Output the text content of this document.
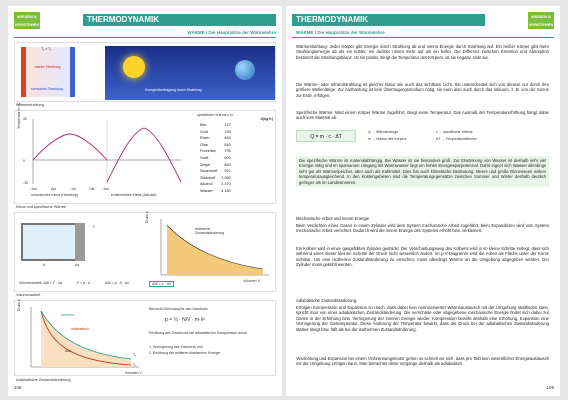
WISSEN & VERSTEHEN
THERMODYNAMIK
WÄRME / Die Hauptsätze der Wärmelehre
T₁ > T₂
starke Strahlung
schwache Strahlung	Energieübertragung durch Strahlung
Wärmestrahlung
Temperatur in °C 30
0
-30
Jan	Apr	Jul	Okt Jan
ozeanisches Klima (Hamburg)	kontinentales Klima (Jakutsk)
spezifische Wärme c in
J/(kg·K)
Blei	127
Gold	130
Eisen	460
Glas	840
Porzellan	795
Graft	800
Ziegel	840
Sauerstoff	910
Stickstoff	1 050
Alkohol	2 370
Wasser	4 180
Klima und spezifische Wärme
F
Δs
A
Druck p
Volumen V
isotherme Zustandsänderung
Volumenarbeit: ΔW = F · Δs	F = p · A	ΔW = p · A · Δs	ΔW = p · ΔV
Volumenarbeit
Druck p
Volumen V
isotherm
adiabatisch
T₁
T₂
ΔW
Bernoulli-Gleichung für den Gasdruck:
p = ⅓ · N/V · m·v̄²
Erhöhung des Gasdrucks bei adiabatischer Kompression durch
1. Verringerung des Volumens und
2. Erhöhung der mittleren kinetischen Energie.
Adiabatische Zustandsänderung
108
THERMODYNAMIK	WISSEN & VERSTEHEN
WÄRME / Die Hauptsätze der Wärmelehre
Wärmestrahlung: Jeder Körper gibt Energie durch Strahlung ab und nimmt Energie durch Strahlung auf. Ein heißer Körper gibt mehr Strahlungsenergie ab als ein kühler, ein dunkler nimmt mehr auf als ein heller. Die Differenz zwischen Emission und Absorption bestimmt die Strahlungsbilanz. Ist sie positiv, steigt die Temperatur des Körpers, ist sie negativ, sinkt sie.
Die Wärme- oder Infrarotstrahlung ist gleicher Natur wie auch das sichtbare Licht. Sie unterscheidet sich von diesem nur durch ihre größere Wellenlänge. Zur Ausbreitung ist kein Übertragungsmedium nötig, sie kann also auch durch das Vakuum, z. B. von der Sonne zur Erde, erfolgen.
Spezifische Wärme: Wird einem Körper Wärme zugeführt, steigt seine Temperatur. Das Ausmaß der Temperaturerhöhung hängt dabei auch vom Material ab.
Q = m · c · ΔT
Q … Wärmemenge	c … spezifische Wärme
m … Masse des Körpers	ΔT … Temperaturdifferenz
Die spezifische Wärme ist materialabhängig. Bei Wasser ist sie besonders groß. Zur Erwärmung von Wasser ist deshalb sehr viel Energie nötig und im sparsamen Umgang mit Warmwasser liegt ein hohes Energiesparpotenzial. Dafür eignet sich Wasser allerdings sehr gut als Wärmespeicher, aber auch als Kühlmittel. Dies hat auch klimatische Bedeutung. Meere und große Binnenseen wirken temperaturausgleichend. In den Küstengebieten sind die Temperaturgegensätze zwischen Sommer und Winter deshalb deutlich geringer als im Landesinneren.
Mechanische Arbeit und innere Energie
Beim Verdichten eines Gases in einem Zylinder wird dem System mechanische Arbeit zugeführt, beim Expandieren wird vom System mechanische Arbeit verrichtet. Dadurch wird die innere Energie des Systems erhöht bzw. verkleinert.
Ein Kolben wird in einen gasgefüllten Zylinder gedrückt. Der Verschiebungsweg des Kolbens wird in so kleine Schritte zerlegt, dass sich während eines dieser kleinen Schritte der Druck nicht wesentlich ändert. Im p-V-Diagramm wird die Arbeit als Fläche unter der Kurve sichtbar. Um eine isotherme Zustandsänderung zu erreichen, muss allerdings Wärme an die Umgebung abgegeben werden. Der Zylinder muss gekühlt werden.
Adiabatische Zustandsänderung.
Erfolgen Kompression und Expansion so rasch, dass dabei kein nennenswerter Wärmeaustausch mit der Umgebung stattfinden kann, spricht man von einer adiabatischen Zustandsänderung. Die verrichtete oder abgegebene mechanische Energie findet sich dabei zur Gänze in der Erhöhung bzw. Verringerung der inneren Energie wieder. Kompression bewirkt deshalb eine Erhöhung, Expansion eine Verringerung der Gastemperatur. Diese Änderung der Temperatur bewirkt, dass der Druck bei der adiabatischen Zustandsänderung stärker steigt bzw. fällt als bei der isothermen Zustandsänderung.
Verdichtung und Expansion bei einem Verbrennungsmotor gehen so schnell vor sich, dass pro Takt kein wesentlicher Energieaustausch mit der Umgebung erfolgen kann. Man betrachtet diese Vorgänge deshalb als adiabatisch.
109
